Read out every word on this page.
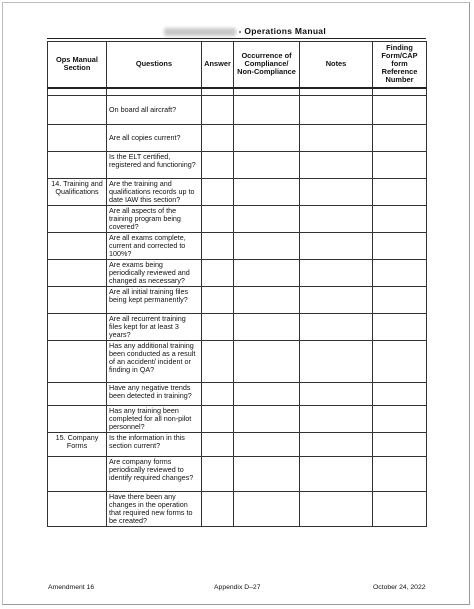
- Operations Manual
Ops Manual Section	Questions	Answer	Occurrence of Compliance/ Non-Compliance	Notes	Finding Form/CAP form Reference Number

	On board all aircraft?				
	Are all copies current?				
	Is the ELT certified, registered and functioning?				
14. Training and Qualifications	Are the training and qualifications records up to date IAW this section?				
	Are all aspects of the training program being covered?				
	Are all exams complete, current and corrected to 100%?				
	Are exams being periodically reviewed and changed as necessary?				
	Are all initial training files being kept permanently?				
	Are all recurrent training files kept for at least 3 years?				
	Has any additional training been conducted as a result of an accident/ incident or finding in QA?				
	Have any negative trends been detected in training?				
	Has any training been completed for all non-pilot personnel?				
15. Company Forms	Is the information in this section current?				
	Are company forms periodically reviewed to identify required changes?				
	Have there been any changes in the operation that required new forms to be created?				
Amendment 16	Appendix D–27	October 24, 2022
